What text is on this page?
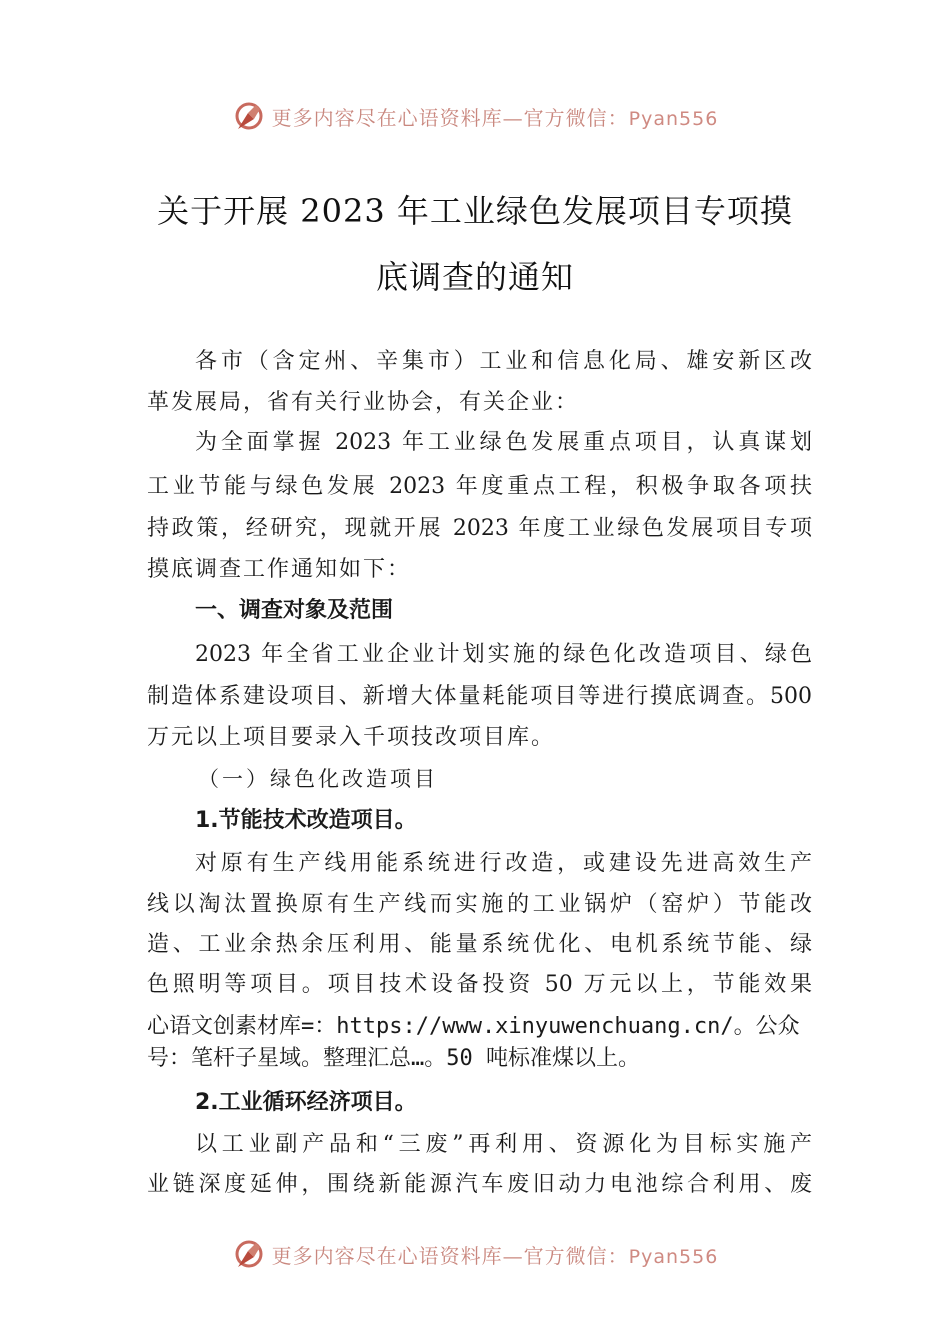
更多内容尽在心语资料库—官方微信：Pyan556
关于开展 2023 年工业绿色发展项目专项摸
底调查的通知
各市（含定州、辛集市）工业和信息化局、雄安新区改
革发展局，省有关行业协会，有关企业：
为全面掌握 2023 年工业绿色发展重点项目，认真谋划
工业节能与绿色发展 2023 年度重点工程，积极争取各项扶
持政策，经研究，现就开展 2023 年度工业绿色发展项目专项
摸底调查工作通知如下：
一、调查对象及范围
2023 年全省工业企业计划实施的绿色化改造项目、绿色
制造体系建设项目、新增大体量耗能项目等进行摸底调查。500
万元以上项目要录入千项技改项目库。
（一）绿色化改造项目
1.节能技术改造项目。
对原有生产线用能系统进行改造，或建设先进高效生产
线以淘汰置换原有生产线而实施的工业锅炉（窑炉）节能改
造、工业余热余压利用、能量系统优化、电机系统节能、绿
色照明等项目。项目技术设备投资 50 万元以上，节能效果
心语文创素材库=：https://www.xinyuwenchuang.cn/。公众
号：笔杆子星域。整理汇总…。50 吨标准煤以上。
2.工业循环经济项目。
以工业副产品和“三废”再利用、资源化为目标实施产
业链深度延伸，围绕新能源汽车废旧动力电池综合利用、废
更多内容尽在心语资料库—官方微信：Pyan556
